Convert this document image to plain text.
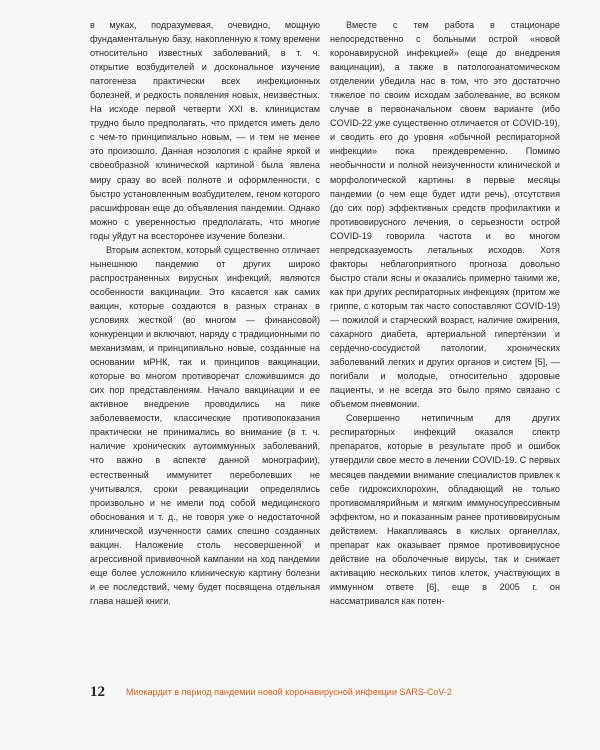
в муках, подразумевая, очевидно, мощную фундаментальную базу, накопленную к тому времени относительно известных заболеваний, в т. ч. открытие возбудителей и доскональное изучение патогенеза практически всех инфекционных болезней, и редкость появления новых, неизвестных. На исходе первой четверти XXI в. клиницистам трудно было предполагать, что придется иметь дело с чем-то принципиально новым, — и тем не менее это произошло. Данная нозология с крайне яркой и своеобразной клинической картиной была явлена миру сразу во всей полноте и оформленности, с быстро установленным возбудителем, геном которого расшифрован еще до объявления пандемии. Однако можно с уверенностью предполагать, что многие годы уйдут на всесторонее изучение болезни.

Вторым аспектом, который существенно отличает нынешнюю пандемию от других широко распространенных вирусных инфекций, являются особенности вакцинации. Это касается как самих вакцин, которые создаются в разных странах в условиях жесткой (во многом — финансовой) конкуренции и включают, наряду с традиционными по механизмам, и принципиально новые, созданные на основании мРНК, так и принципов вакцинации, которые во многом противоречат сложившимся до сих пор представлениям. Начало вакцинации и ее активное внедрение проводились на пике заболеваемости, классические противопоказания практически не принимались во внимание (в т. ч. наличие хронических аутоиммунных заболеваний, что важно в аспекте данной монографии), естественный иммунитет переболевших не учитывался, сроки ревакцинации определялись произвольно и не имели под собой медицинского обоснования и т. д., не говоря уже о недостаточной клинической изученности самих спешно созданных вакцин. Наложение столь несовершенной и агрессивной прививочной кампании на ход пандемии еще более усложнило клиническую картину болезни и ее последствий, чему будет посвящена отдельная глава нашей книги.

Вместе с тем работа в стационаре непосредственно с больными острой «новой коронавирусной инфекцией» (еще до внедрения вакцинации), а также в патологоанатомическом отделении убедила нас в том, что это достаточно тяжелое по своим исходам заболевание, во всяком случае в первоначальном своем варианте (ибо COVID-22 уже существенно отличается от COVID-19), и сводить его до уровня «обычной респираторной инфекции» пока преждевременно. Помимо необычности и полной неизученности клинической и морфологической картины в первые месяцы пандемии (о чем еще будет идти речь), отсутствия (до сих пор) эффективных средств профилактики и противовирусного лечения, о серьезности острой COVID-19 говорила частота и во многом непредсказуемость летальных исходов. Хотя факторы неблагоприятного прогноза довольно быстро стали ясны и оказались примерно такими же, как при других респираторных инфекциях (притом же гриппе, с которым так часто сопоставляют COVID-19) — пожилой и старческий возраст, наличие ожирения, сахарного диабета, артериальной гипертензии и сердечно-сосудистой патологии, хронических заболеваний легких и других органов и систем [5], — погибали и молодые, относительно здоровые пациенты, и не всегда это было прямо связано с объемом пневмонии.

Совершенно нетипичным для других респираторных инфекций оказался спектр препаратов, которые в результате проб и ошибок утвердили свое место в лечении COVID-19. С первых месяцев пандемии внимание специалистов привлек к себе гидроксихлорохин, обладающий не только противомалярийным и мягким иммуносупрессивным эффектом, но и показанным ранее противовирусным действием. Накапливаясь в кислых органеллах, препарат как оказывает прямое противовирусное действие на оболочечные вирусы, так и снижает активацию нескольких типов клеток, участвующих в иммунном ответе [6], еще в 2005 г. он нассматривался как потен-

12 Миокардит в период пандемии новой коронавирусной инфекции SARS-CoV-2
